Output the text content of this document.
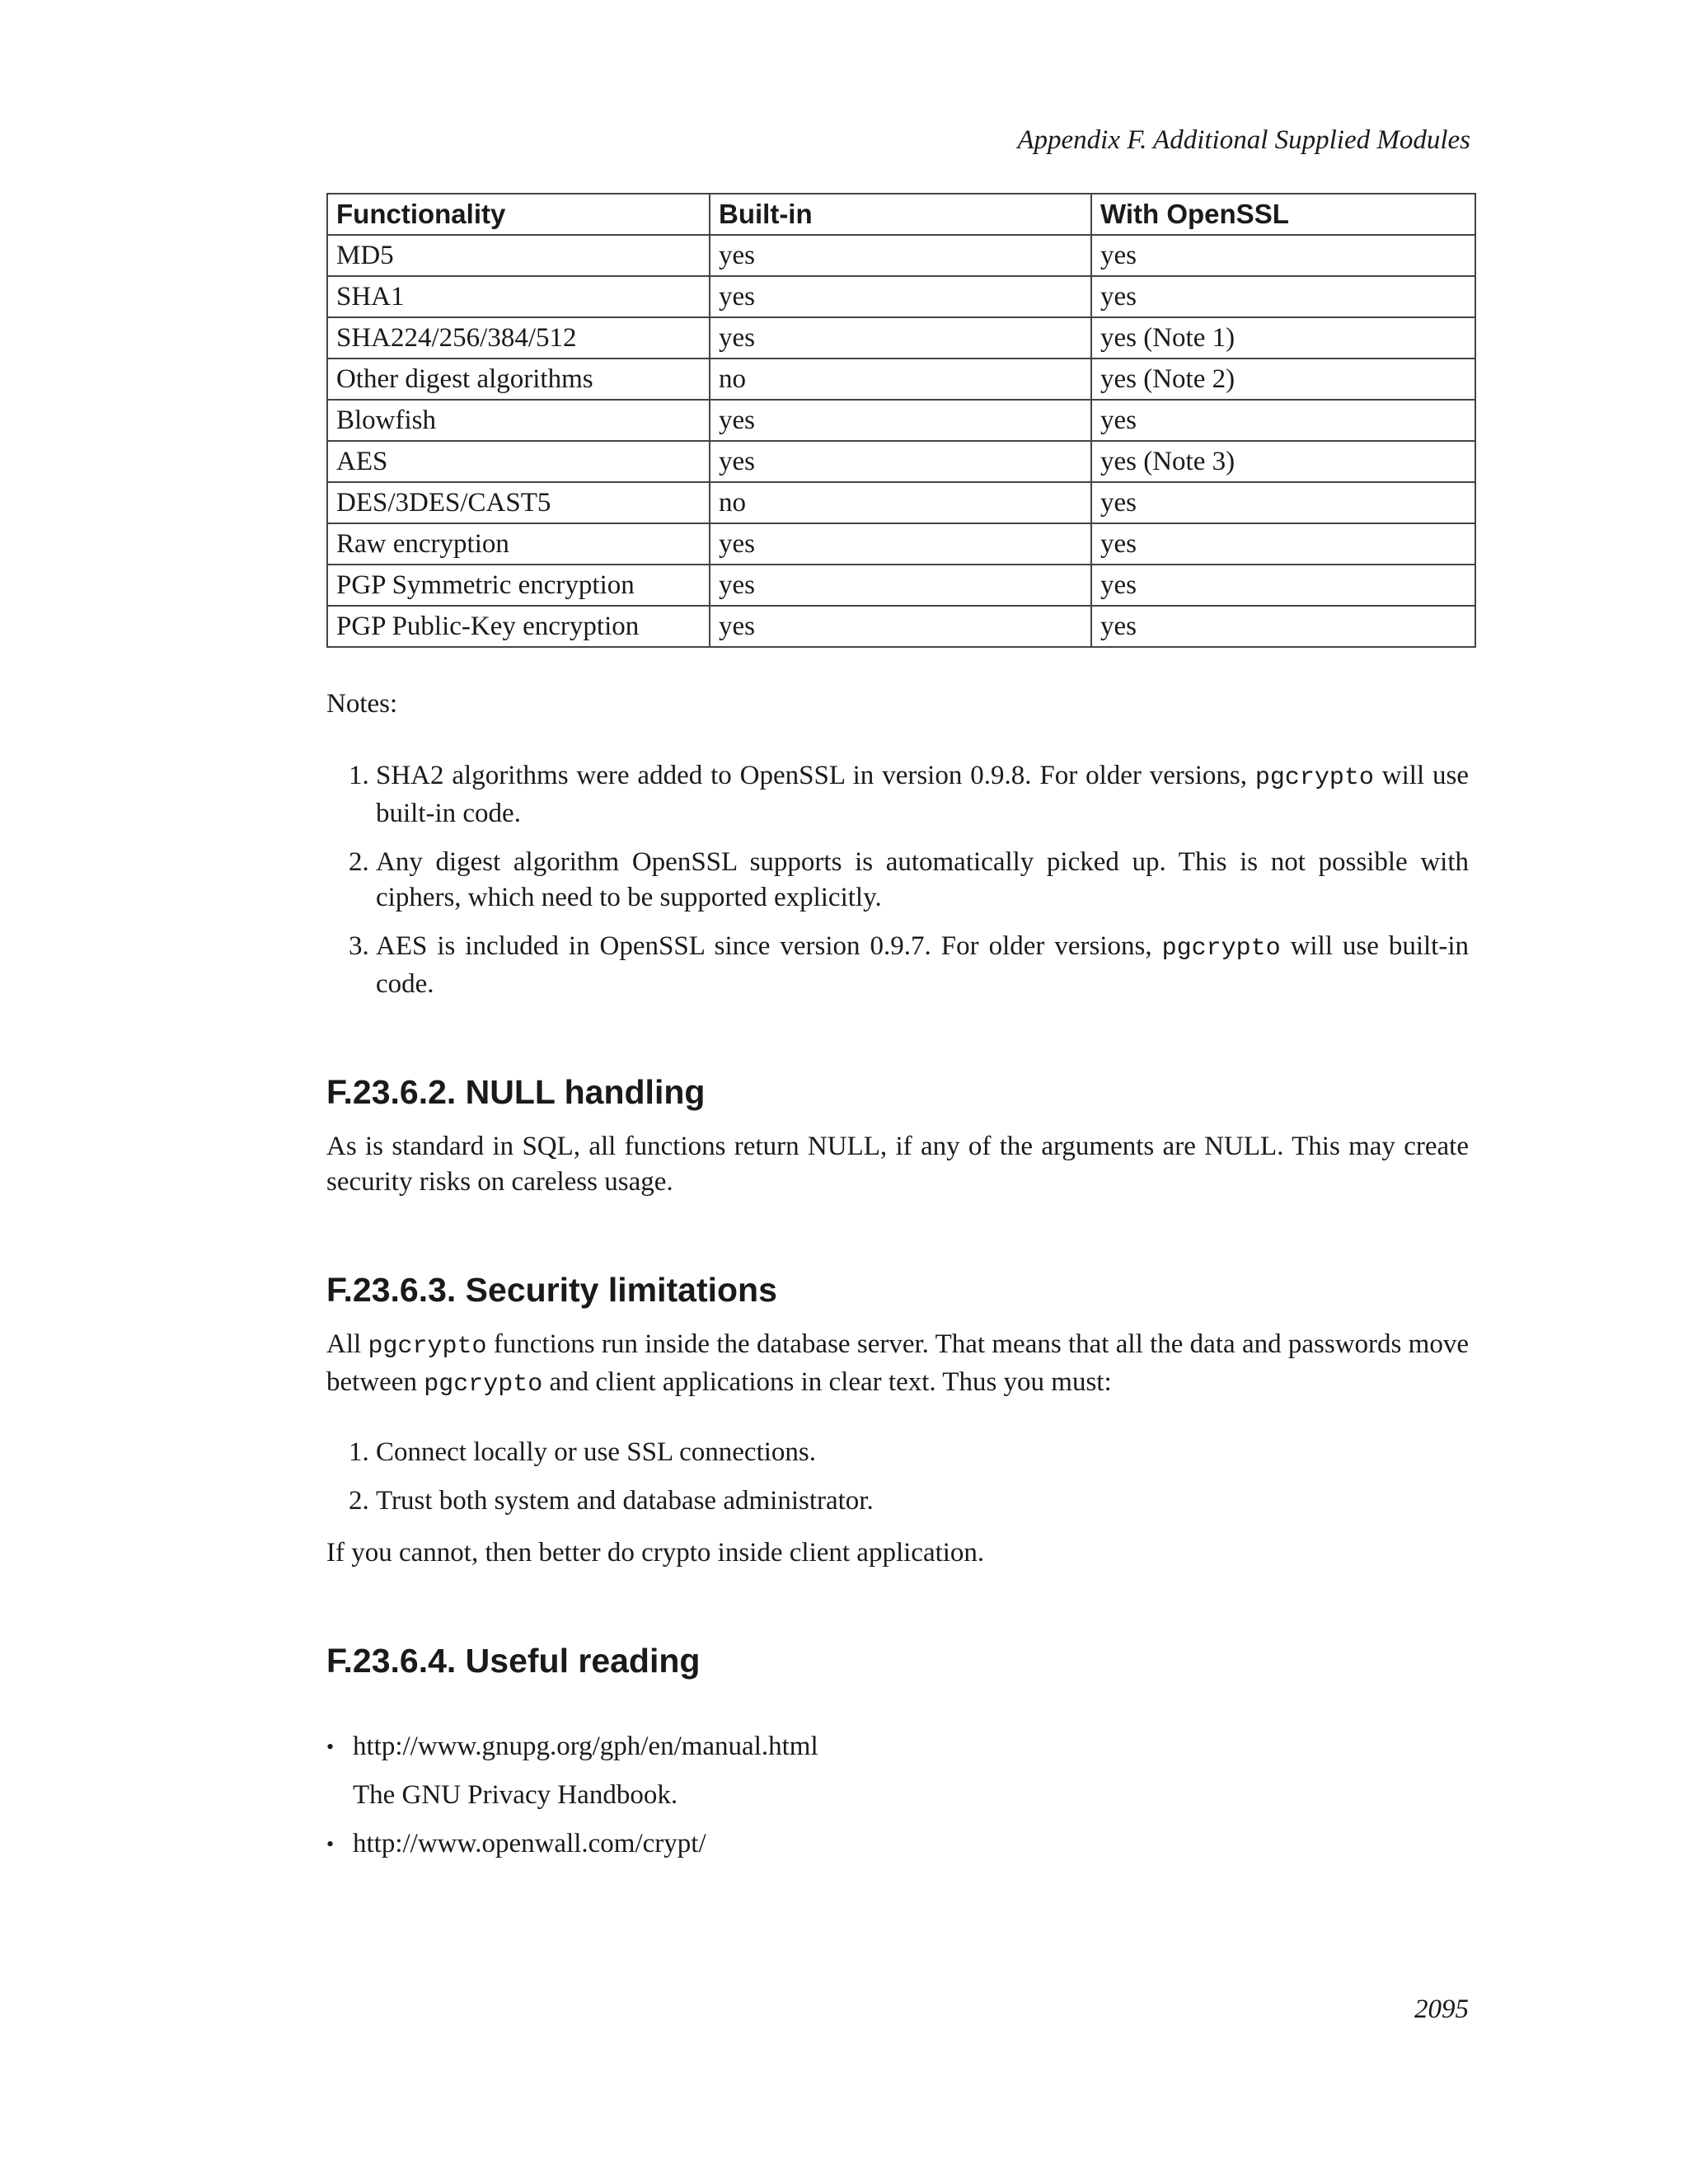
Appendix F. Additional Supplied Modules
Functionality	Built-in	With OpenSSL
MD5	yes	yes
SHA1	yes	yes
SHA224/256/384/512	yes	yes (Note 1)
Other digest algorithms	no	yes (Note 2)
Blowfish	yes	yes
AES	yes	yes (Note 3)
DES/3DES/CAST5	no	yes
Raw encryption	yes	yes
PGP Symmetric encryption	yes	yes
PGP Public-Key encryption	yes	yes
Notes:
1. SHA2 algorithms were added to OpenSSL in version 0.9.8. For older versions, pgcrypto will use built-in code.
2. Any digest algorithm OpenSSL supports is automatically picked up. This is not possible with ciphers, which need to be supported explicitly.
3. AES is included in OpenSSL since version 0.9.7. For older versions, pgcrypto will use built-in code.
F.23.6.2. NULL handling

As is standard in SQL, all functions return NULL, if any of the arguments are NULL. This may create security risks on careless usage.

F.23.6.3. Security limitations

All pgcrypto functions run inside the database server. That means that all the data and passwords move between pgcrypto and client applications in clear text. Thus you must:

1. Connect locally or use SSL connections.
2. Trust both system and database administrator.

If you cannot, then better do crypto inside client application.

F.23.6.4. Useful reading
• http://www.gnupg.org/gph/en/manual.html
The GNU Privacy Handbook.
• http://www.openwall.com/crypt/
2095
